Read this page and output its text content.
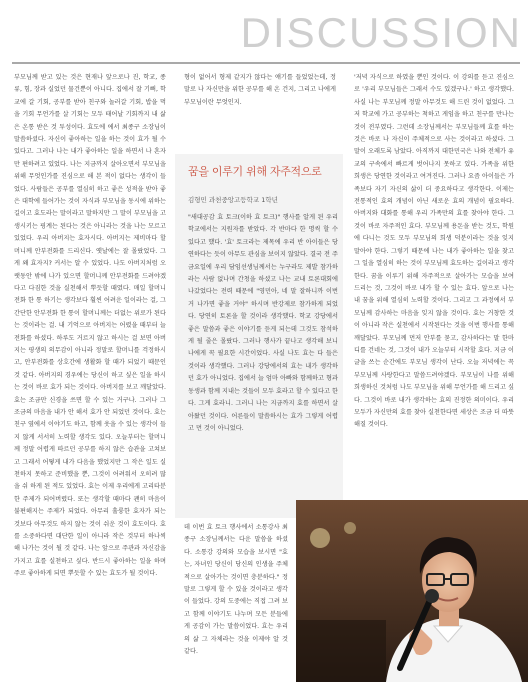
DISCUSSION

부모님께 받고 있는 것은 현재나 앞으로나 진, 학교, 종류, 힘, 장과 실었던 물건뿐이 아니다. 집에서 잘 기뻐, 학교에 갈 기회, 공부를 받아 친구와 놀러갈 기회, 밥을 먹을 기회 무언가를 살 기회는 모두 태어날 기회까지 내 삶은 온통 받은 것 투성이다. 효도에 에서 최종구 소장님이 말씀하셨다. 자신이 좋아하는 일을 하는 것이 효가 될 수 있다고. 그러나 나는 내가 좋아하는 일을 하면서 나 혼자만 편하려고 있었다. 나는 지금까지 살아오면서 부모님을 위해 무엇인가를 진심으로 해 본 적이 없다는 생각이 들었다. 사람들은 공부를 열심히 하고 좋은 성적을 받아 좋은 대학에 들어가는 것이 자식과 부모님을 동시에 위하는 길이고 효도라는 말이라고 말하지만 그 말이 부모님을 고생시키는 핑계는 된다는 것은 아니라는 것을 나는 모르고 있었다. 우리 아버지는 효자시다. 아버지는 제비마다 할머니께 안부전화를 드리신다. 옛날에는 잘 몰랐었다. 그게 왜 효자지? 커서는 알 수 있었다. 나도 아버지처럼 오랫동안 밖에 나가 있으면 할머니께 안부전화를 드려야겠다고 다짐한 것을 실천해서 뿌듯할 때였다. 매일 할머니 전화 한 통 하기는 생각보다 훨씬 어려운 일이라는 걸, 그 간단한 안부전화 한 통이 할머니께는 더없는 위로가 된다는 것이라는 걸. 내 기억으로 아버지는 어렸을 때부터 늘 전화를 하셨다. 하루도 거르지 않고 하시는 걸 보면 아버지는 평생의 의무감이 아니라 정말로 할머니를 걱정하시고, 안부전화를 상호간에 생활화 할 때가 되었기 때문인 것 같다. 아버지의 경우에는 당신이 하고 싶은 일을 하시는 것이 바로 효가 되는 것이다. 아버지를 보고 깨달았다. 효는 조금만 신경을 쓰면 할 수 있는 거구나. 그러나 그 조금의 마음을 내가 안 해서 효가 안 되었던 것이다. 효는 친구 옆에서 이야기도 하고, 함께 웃을 수 있는 생각이 들지 않게 서서히 노력할 생각도 있다. 오늘부터는 할머니께 정말 어렵게 따르던 공부를 하지 않은 습관을 고쳐보고 그래서 어떻게 내가 다음을 했었지만 그 작은 일도 실천하지 못하고 준비했을 뿐, 그것이 어려워서 오히려 많을 쉬 하게 된 적도 있었다. 효는 이제 우리에게 고리타분한 주제가 되어버렸다. 또는 생각할 때마다 괜히 마음이 불편해지는 주제가 되었다. 아무리 훌륭한 효자가 되는 것보다 아무것도 하지 않는 것이 쉬운 것이 효도이다. 효를 소중하다면 대단한 일이 아니라 작은 것부터 하나씩 해 나가는 것이 될 것 같다. 나는 앞으로 주관과 자신감을 가지고 효를 실천하고 싶다. 반드시 좋아하는 일을 하며 주로 좋아하게 되면 뿌듯할 수 있는 효도가 될 것이다.

형이 없어서 형제 같지가 않다는 얘기를 들었었는데, 정말로 나 자신만을 위한 공부를 해 온 건지, 그리고 나에게 부모님이란 무엇인지.

꿈을 이루기 위해 자주적으로
김형민 과천중앙고등학교 1학년

"새대공감 효 토크(이하 효 토크)" 행사를 알게 된 우리 학교에서는 지원자를 받았다. 각 반마다 한 명씩 할 수 있다고 했다. '효' 토크라는 제목에 우리 반 아이들은 당연하다는 듯이 아무도 관심을 보이지 않았다. 결국 전 주 금요일에 우리 담임선생님께서는 누구라도 제발 참가하라는 사람 없나며 간청을 하셨고 나는 교내 토론대회에 나갔었다는 전력 때문에 "영민아, 네 말 잘하니까 이번 거 나가면 좋을 거야" 하시며 반강제로 참가하게 되었다. 당연히 토론을 할 것이라 생각했다. 학교 강당에서 좋은 말씀과 좋은 이야기를 듣게 되는데 그것도 참석하게 될 줄은 몰랐다. 그러나 행사가 끝나고 생각해 보니 나에게 꼭 필요한 시간이었다. 사실 나도 효는 다 들은 것이라 생각했다. 그러나 강당에서의 효는 내가 생각하던 효가 아니었다. 집에서 늘 엄마 아빠와 함께하고 형과 동생과 함께 지내는 것들이 모두 효라고 할 수 있다고 한다. 그게 효라니. 그러니 나는 지금까지 효를 하면서 살아왔던 것이다. 어른들이 말씀하시는 효가 그렇게 어렵고 먼 것이 아니었다.

데 이번 효 토크 행사에서 소통강사 최종구 소장님께서는 다운 말씀을 하셨다. 소통강 강의와 모습을 보시면 "효는, 자녀인 당신이 당신의 인생을 주체적으로 살아가는 것이면 충분하다." 정말로 그렇게 할 수 있을 것이라고 생각이 들었다. 강의 도중에는 직접 그려 보고 함께 이야기도 나누며 모든 분들에게 공감이 가는 말씀이었다. 효는 우리의 삶 그 자체라는 것을 이제야 알 것 같다.

'저녁 자식으로 하였을 뿐인 것이다. 이 강의를 듣고 진심으로 '우리 부모님들은 그래서 수도 있겠구나.' 하고 생각했다. 사실 나는 부모님께 정말 아무것도 해 드린 것이 없었다. 그저 학교에 가고 공부하는 척하고 게임을 하고 친구를 만나는 것이 전부였다. 그런데 소장님께서는 부모님들께 효를 하는 것은 바로 나 자신이 주체적으로 사는 것이라고 하셨다. 그 말이 오래도록 남았다. 아직까지 대한민국은 나와 전체가 유교의 구속에서 빠르게 벗어나지 못하고 있다. 가족을 위한 희생은 당연한 것이라고 여겨진다. 그러나 요즘 아이들은 가족보다 자기 자신의 삶이 더 중요하다고 생각한다. 이제는 전통적인 효의 개념이 아닌 새로운 효의 개념이 필요하다. 아버지와 대화를 통해 우리 가족만의 효를 찾아야 한다. 그것이 바로 자주적인 효다. 부모님께 용돈을 받는 것도, 학원에 다니는 것도 모두 부모님의 희생 덕분이라는 것을 잊지 말아야 한다. 그렇기 때문에 나는 내가 좋아하는 일을 찾고 그 일을 열심히 하는 것이 부모님께 효도하는 길이라고 생각한다. 꿈을 이루기 위해 자주적으로 살아가는 모습을 보여 드리는 것, 그것이 바로 내가 할 수 있는 효다. 앞으로 나는 내 꿈을 위해 열심히 노력할 것이다. 그리고 그 과정에서 부모님께 감사하는 마음을 잊지 않을 것이다. 효는 거창한 것이 아니라 작은 실천에서 시작된다는 것을 이번 행사를 통해 깨달았다. 부모님께 먼저 안부를 묻고, 감사하다는 말 한마디를 건네는 것, 그것이 내가 오늘부터 시작할 효다. 지금 이 글을 쓰는 순간에도 부모님 생각이 난다. 오늘 저녁에는 꼭 부모님께 사랑한다고 말씀드려야겠다. 부모님이 나를 위해 희생하신 것처럼 나도 부모님을 위해 무언가를 해 드리고 싶다. 그것이 바로 내가 생각하는 효의 진정한 의미이다. 우리 모두가 자신만의 효를 찾아 실천한다면 세상은 조금 더 따뜻해질 것이다.
